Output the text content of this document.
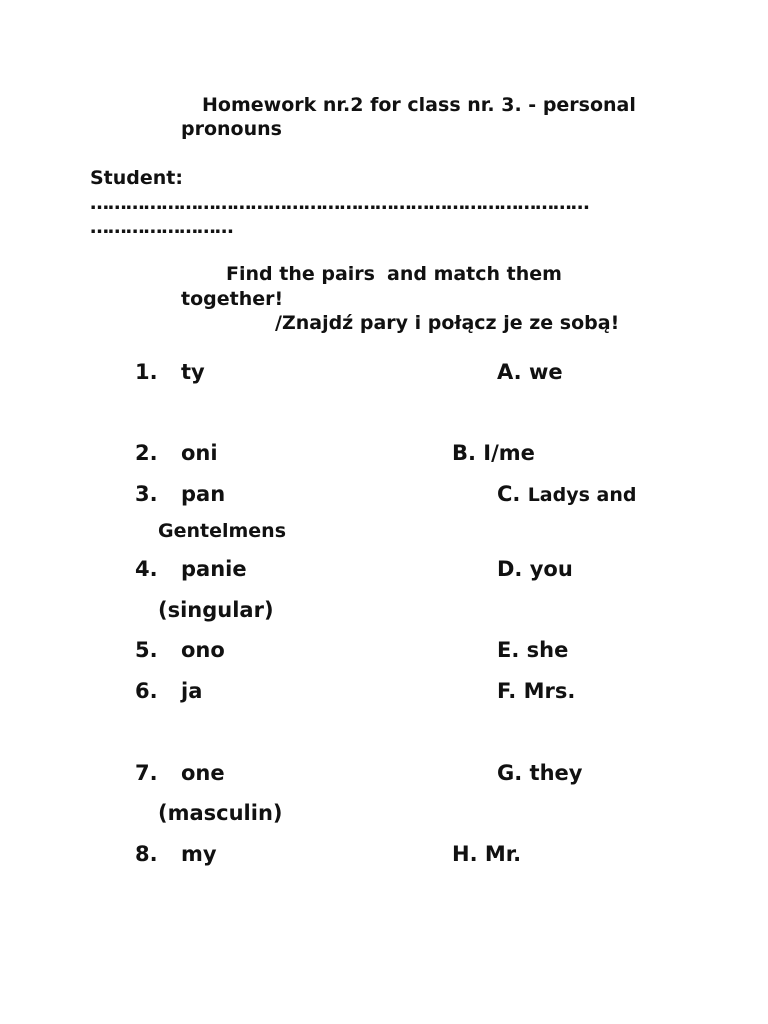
Homework nr.2 for class nr. 3. - personal
pronouns
Student:
…………………………………………………………………………
……………………
Find the pairs and match them
together!
/Znajdź pary i połącz je ze sobą!
1.
2.
3.
4.
5.
6.
7.
8.
ty
oni
pan
panie
ono
ja
one
my
A. we
B. I/me
C. Ladys and
D. you
E. she
F. Mrs.
G. they
H. Mr.
Gentelmens
(singular)
(masculin)
